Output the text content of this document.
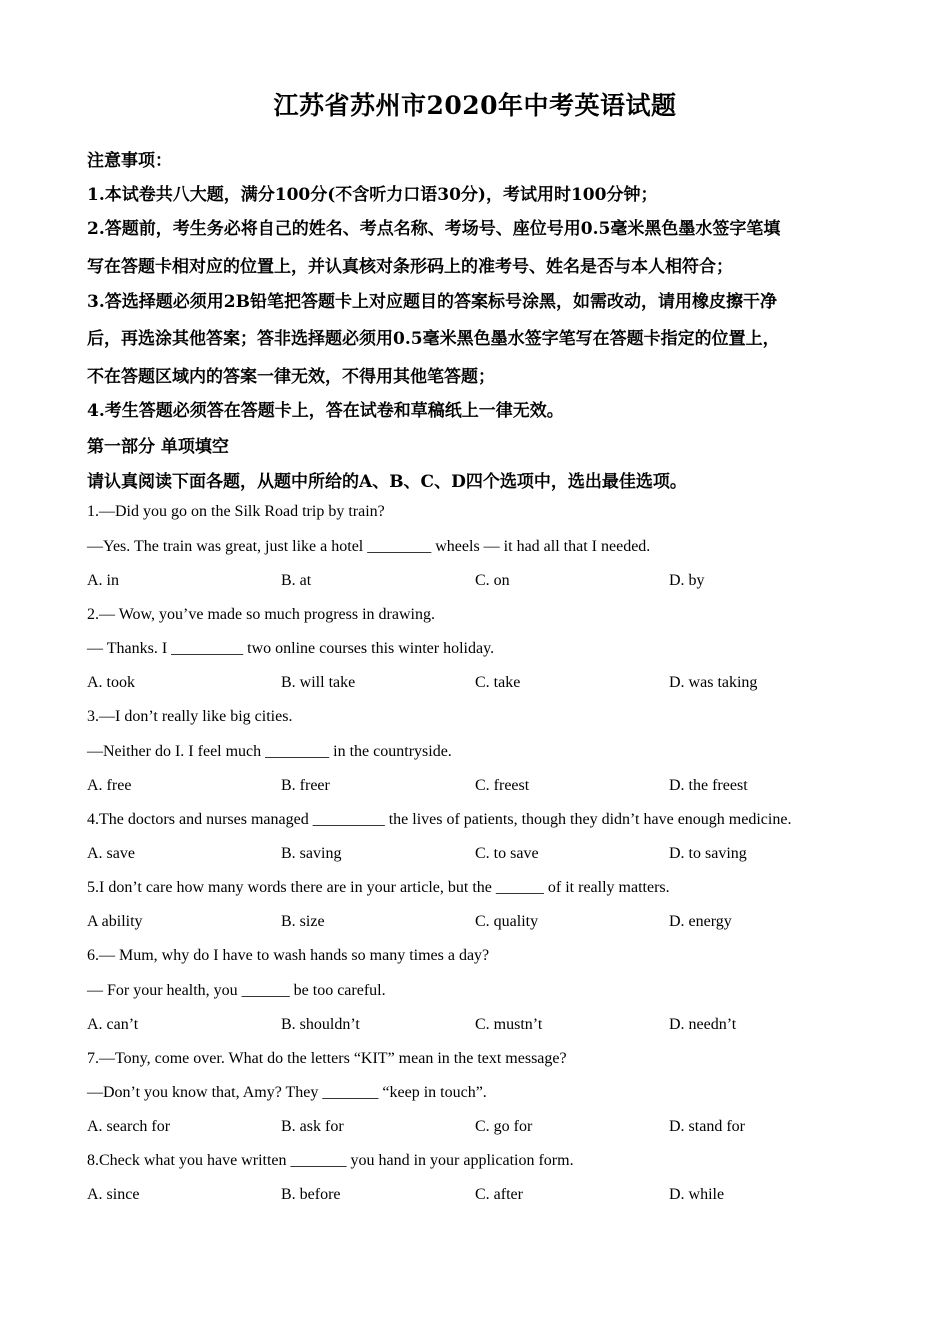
江苏省苏州市2020年中考英语试题
注意事项：
1.本试卷共八大题，满分100分(不含听力口语30分)，考试用时100分钟；
2.答题前，考生务必将自己的姓名、考点名称、考场号、座位号用0.5毫米黑色墨水签字笔填
写在答题卡相对应的位置上，并认真核对条形码上的准考号、姓名是否与本人相符合；
3.答选择题必须用2B铅笔把答题卡上对应题目的答案标号涂黑，如需改动，请用橡皮擦干净
后，再选涂其他答案；答非选择题必须用0.5毫米黑色墨水签字笔写在答题卡指定的位置上，
不在答题区域内的答案一律无效，不得用其他笔答题；
4.考生答题必须答在答题卡上，答在试卷和草稿纸上一律无效。
第一部分 单项填空
请认真阅读下面各题，从题中所给的A、B、C、D四个选项中，选出最佳选项。
1.—Did you go on the Silk Road trip by train?
—Yes. The train was great, just like a hotel ________ wheels — it had all that I needed.
A. in	B. at	C. on	D. by
2.— Wow, you’ve made so much progress in drawing.
— Thanks. I _________ two online courses this winter holiday.
A. took	B. will take	C. take	D. was taking
3.—I don’t really like big cities.
—Neither do I. I feel much ________ in the countryside.
A. free	B. freer	C. freest	D. the freest
4.The doctors and nurses managed _________ the lives of patients, though they didn’t have enough medicine.
A. save	B. saving	C. to save	D. to saving
5.I don’t care how many words there are in your article, but the ______ of it really matters.
A ability	B. size	C. quality	D. energy
6.— Mum, why do I have to wash hands so many times a day?
— For your health, you ______ be too careful.
A. can’t	B. shouldn’t	C. mustn’t	D. needn’t
7.—Tony, come over. What do the letters “KIT” mean in the text message?
—Don’t you know that, Amy? They _______ “keep in touch”.
A. search for	B. ask for	C. go for	D. stand for
8.Check what you have written _______ you hand in your application form.
A. since	B. before	C. after	D. while
